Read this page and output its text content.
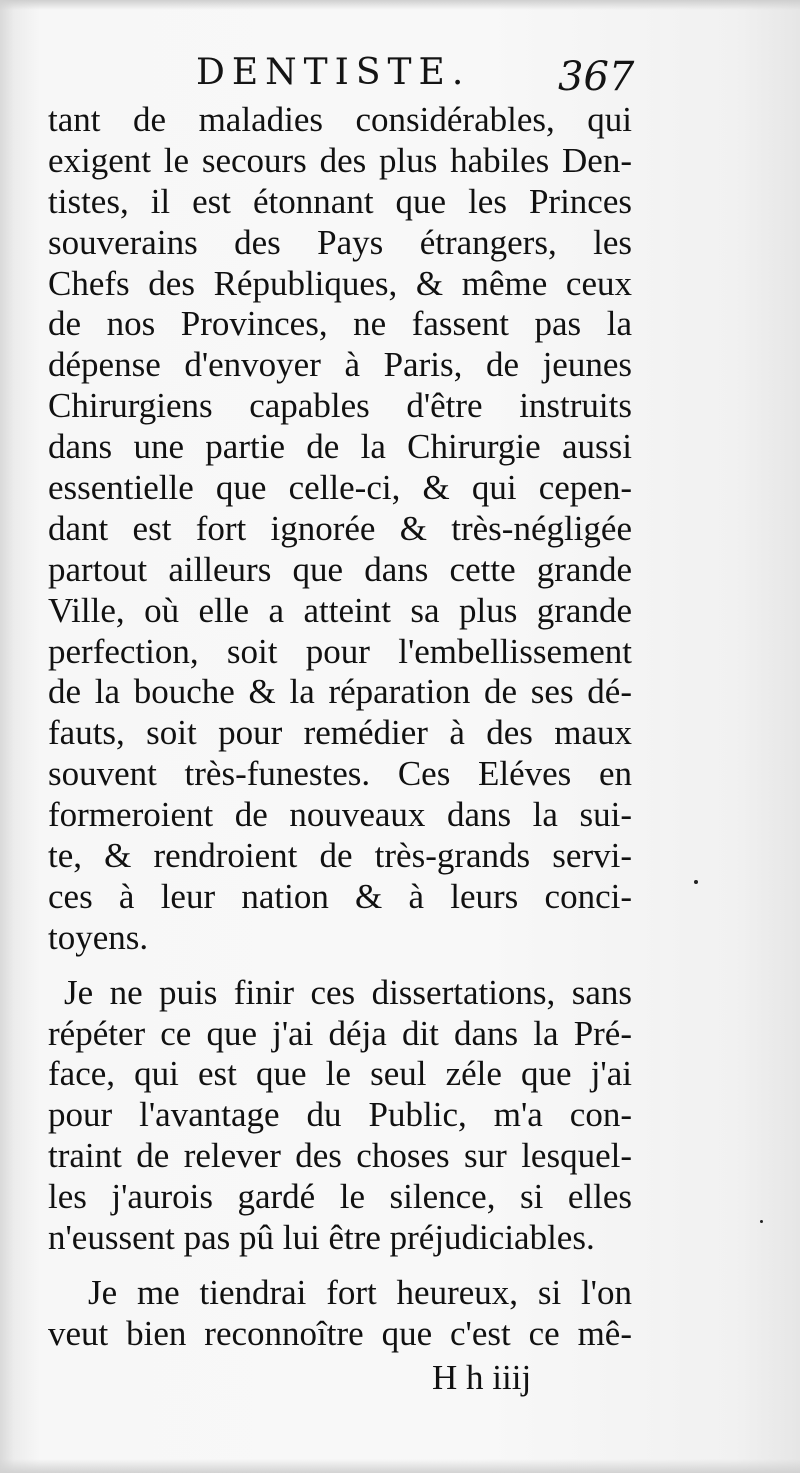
DENTISTE. 367
tant de maladies considérables, qui
exigent le secours des plus habiles Den-
tistes, il est étonnant que les Princes
souverains des Pays étrangers, les
Chefs des Républiques, & même ceux
de nos Provinces, ne fassent pas la
dépense d'envoyer à Paris, de jeunes
Chirurgiens capables d'être instruits
dans une partie de la Chirurgie aussi
essentielle que celle-ci, & qui cepen-
dant est fort ignorée & très-négligée
partout ailleurs que dans cette grande
Ville, où elle a atteint sa plus grande
perfection, soit pour l'embellissement
de la bouche & la réparation de ses dé-
fauts, soit pour remédier à des maux
souvent très-funestes. Ces Eléves en
formeroient de nouveaux dans la sui-
te, & rendroient de très-grands servi-
ces à leur nation & à leurs conci-
toyens.
Je ne puis finir ces dissertations, sans
répéter ce que j'ai déja dit dans la Pré-
face, qui est que le seul zéle que j'ai
pour l'avantage du Public, m'a con-
traint de relever des choses sur lesquel-
les j'aurois gardé le silence, si elles
n'eussent pas pû lui être préjudiciables.
Je me tiendrai fort heureux, si l'on
veut bien reconnoître que c'est ce mê-
H h iiij
